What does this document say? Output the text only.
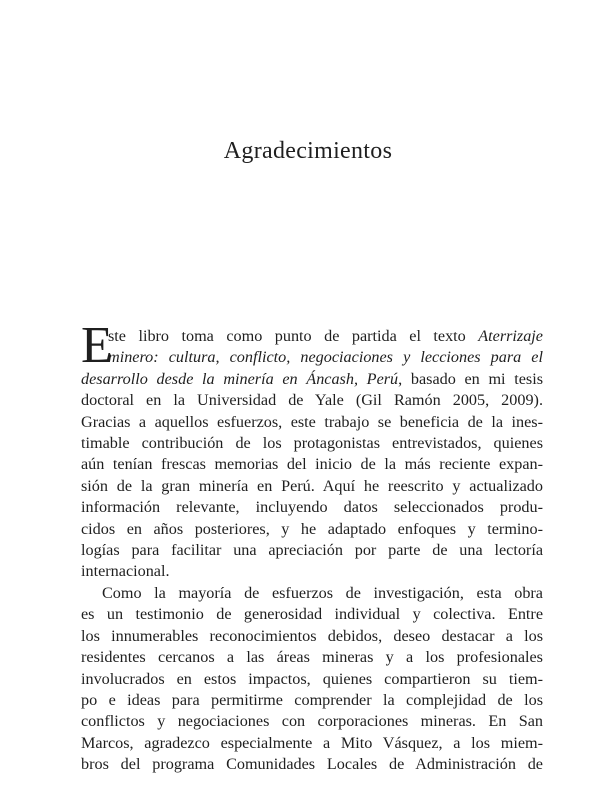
Agradecimientos
E
ste libro toma como punto de partida el texto Aterrizaje
minero: cultura, conflicto, negociaciones y lecciones para el
desarrollo desde la minería en Áncash, Perú, basado en mi tesis
doctoral en la Universidad de Yale (Gil Ramón 2005, 2009).
Gracias a aquellos esfuerzos, este trabajo se beneficia de la ines-
timable contribución de los protagonistas entrevistados, quienes
aún tenían frescas memorias del inicio de la más reciente expan-
sión de la gran minería en Perú. Aquí he reescrito y actualizado
información relevante, incluyendo datos seleccionados produ-
cidos en años posteriores, y he adaptado enfoques y termino-
logías para facilitar una apreciación por parte de una lectoría
internacional.
Como la mayoría de esfuerzos de investigación, esta obra
es un testimonio de generosidad individual y colectiva. Entre
los innumerables reconocimientos debidos, deseo destacar a los
residentes cercanos a las áreas mineras y a los profesionales
involucrados en estos impactos, quienes compartieron su tiem-
po e ideas para permitirme comprender la complejidad de los
conflictos y negociaciones con corporaciones mineras. En San
Marcos, agradezco especialmente a Mito Vásquez, a los miem-
bros del programa Comunidades Locales de Administración de
